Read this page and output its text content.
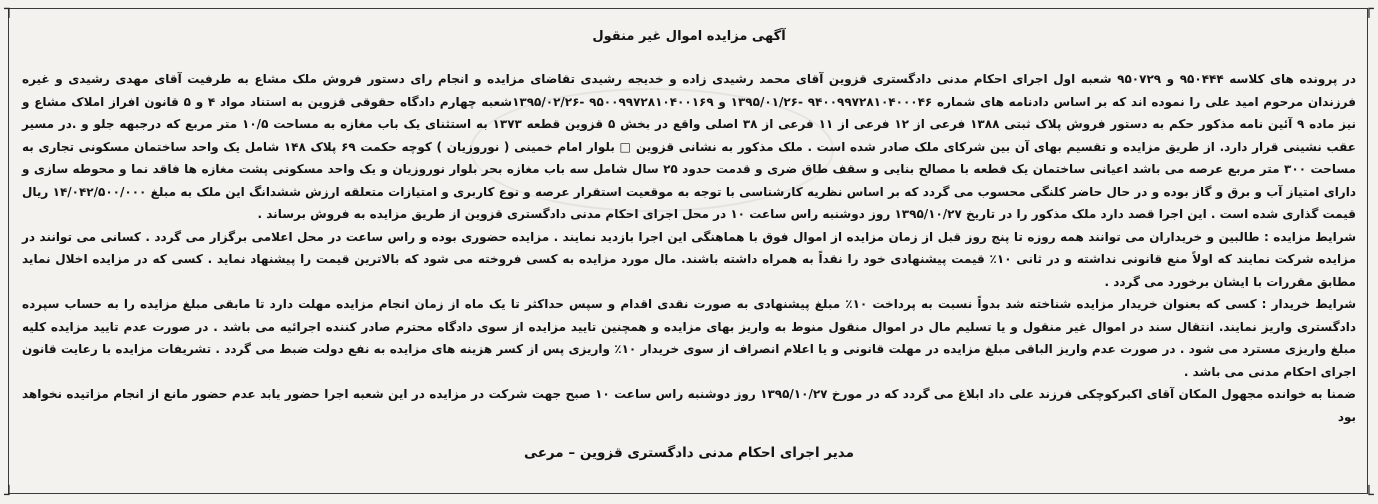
┐	┌
┘	└
آگهی مزایده اموال غیر منقول

در پرونده های کلاسه ۹۵۰۴۴۴ و ۹۵۰۷۲۹ شعبه اول اجرای احکام مدنی دادگستری قزوین آقای محمد رشیدی زاده و خدیجه رشیدی تقاضای مزایده و انجام رای دستور فروش ملک مشاع به طرفیت آقای مهدی رشیدی و غیره فرزندان مرحوم امید علی را نموده اند که بر اساس دادنامه های شماره ۹۴۰۰۹۹۷۲۸۱۰۴۰۰۰۴۶ -۱۳۹۵/۰۱/۲۶ و ۹۵۰۰۹۹۷۲۸۱۰۴۰۰۱۶۹ -۱۳۹۵/۰۲/۲۶شعبه چهارم دادگاه حقوقی قزوین به استناد مواد ۴ و ۵ قانون افراز املاک مشاع و نیز ماده ۹ آئین نامه مذکور حکم به دستور فروش پلاک ثبتی ۱۳۸۸ فرعی از ۱۲ فرعی از ۱۱ فرعی از ۳۸ اصلی واقع در بخش ۵ قزوین قطعه ۱۳۷۳ به استثنای یک باب مغازه به مساحت ۱۰/۵ متر مربع که درجبهه جلو و .در مسیر عقب نشینی قرار دارد. از طریق مزایده و تقسیم بهای آن بین شرکای ملک صادر شده است . ملک مذکور به نشانی قزوین □ بلوار امام خمینی ( نوروزیان ) کوچه حکمت ۶۹ پلاک ۱۴۸ شامل یک واحد ساختمان مسکونی تجاری به مساحت ۳۰۰ متر مربع عرصه می باشد اعیانی ساختمان یک قطعه با مصالح بنایی و سقف طاق ضری و قدمت حدود ۲۵ سال شامل سه باب مغازه بحر بلوار نوروزیان و یک واحد مسکونی پشت مغازه ها فاقد نما و محوطه سازی و دارای امتیاز آب و برق و گاز بوده و در حال حاضر کلنگی محسوب می گردد که بر اساس نظریه کارشناسی با توجه به موقعیت استقرار عرصه و نوع کاربری و امتیازات متعلقه ارزش ششدانگ این ملک به مبلغ ۱۴/۰۴۲/۵۰۰/۰۰۰ ریال قیمت گذاری شده است . این اجرا قصد دارد ملک مذکور را در تاریخ ۱۳۹۵/۱۰/۲۷ روز دوشنبه راس ساعت ۱۰ در محل اجرای احکام مدنی دادگستری قزوین از طریق مزایده به فروش برساند .

شرایط مزایده : طالبین و خریداران می توانند همه روزه تا پنج روز قبل از زمان مزایده از اموال فوق با هماهنگی این اجرا بازدید نمایند . مزایده حضوری بوده و راس ساعت در محل اعلامی برگزار می گردد . کسانی می توانند در مزایده شرکت نمایند که اولاً منع قانونی نداشته و در ثانی ۱۰٪ قیمت پیشنهادی خود را نقداً به همراه داشته باشند. مال مورد مزایده به کسی فروخته می شود که بالاترین قیمت را پیشنهاد نماید . کسی که در مزایده اخلال نماید مطابق مقررات با ایشان برخورد می گردد .

شرایط خریدار : کسی که بعنوان خریدار مزایده شناخته شد بدواً نسبت به پرداخت ۱۰٪ مبلغ پیشنهادی به صورت نقدی اقدام و سپس حداکثر تا یک ماه از زمان انجام مزایده مهلت دارد تا مابقی مبلغ مزایده را به حساب سپرده دادگستری واریز نمایند. انتقال سند در اموال غیر منقول و یا تسلیم مال در اموال منقول منوط به واریز بهای مزایده و همچنین تایید مزایده از سوی دادگاه محترم صادر کننده اجرائیه می باشد . در صورت عدم تایید مزایده کلیه مبلغ واریزی مسترد می شود . در صورت عدم واریز الباقی مبلغ مزایده در مهلت قانونی و یا اعلام انصراف از سوی خریدار ۱۰٪ واریزی پس از کسر هزینه های مزایده به نفع دولت ضبط می گردد . تشریفات مزایده با رعایت قانون اجرای احکام مدنی می باشد .

ضمنا به خوانده مجهول المکان آقای اکبرکوچکی فرزند علی داد ابلاغ می گردد که در مورخ ۱۳۹۵/۱۰/۲۷ روز دوشنبه راس ساعت ۱۰ صبح جهت شرکت در مزایده در این شعبه اجرا حضور یابد عدم حضور مانع از انجام مزاتیده نخواهد بود

مدیر اجرای احکام مدنی دادگستری قزوین – مرعی
